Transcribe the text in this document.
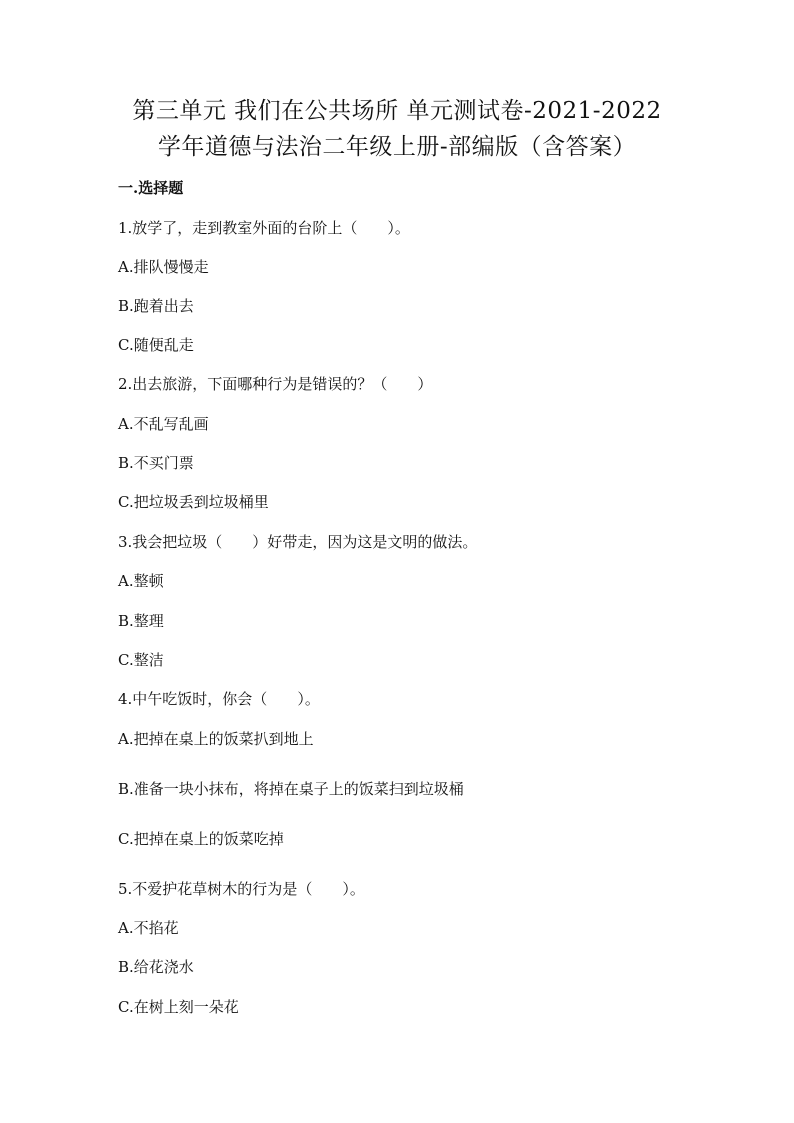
第三单元 我们在公共场所 单元测试卷-2021-2022
学年道德与法治二年级上册-部编版（含答案）
一.选择题
1.放学了，走到教室外面的台阶上（　　）。
A.排队慢慢走
B.跑着出去
C.随便乱走
2.出去旅游，下面哪种行为是错误的？（　　）
A.不乱写乱画
B.不买门票
C.把垃圾丢到垃圾桶里
3.我会把垃圾（　　）好带走，因为这是文明的做法。
A.整顿
B.整理
C.整洁
4.中午吃饭时，你会（　　）。
A.把掉在桌上的饭菜扒到地上
B.准备一块小抹布，将掉在桌子上的饭菜扫到垃圾桶
C.把掉在桌上的饭菜吃掉
5.不爱护花草树木的行为是（　　）。
A.不掐花
B.给花浇水
C.在树上刻一朵花
